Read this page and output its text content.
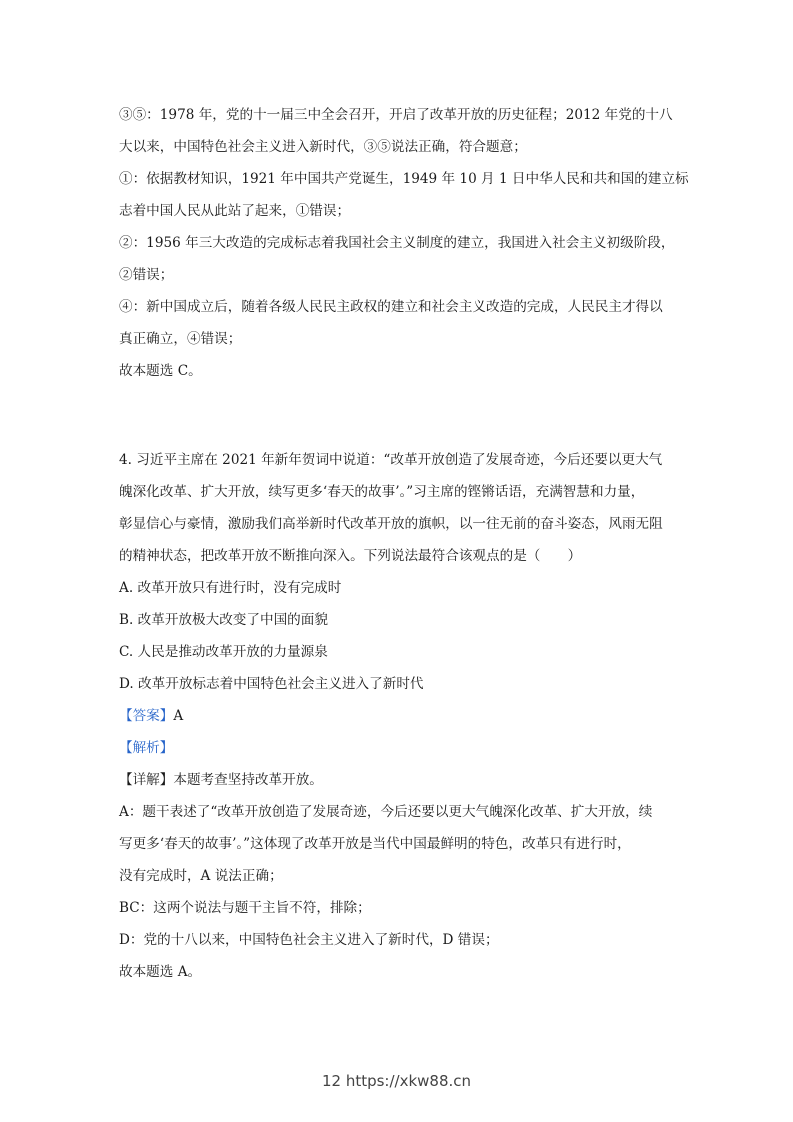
③⑤：1978 年，党的十一届三中全会召开，开启了改革开放的历史征程；2012 年党的十八
大以来，中国特色社会主义进入新时代，③⑤说法正确，符合题意；
①：依据教材知识，1921 年中国共产党诞生，1949 年 10 月 1 日中华人民和共和国的建立标
志着中国人民从此站了起来，①错误；
②：1956 年三大改造的完成标志着我国社会主义制度的建立，我国进入社会主义初级阶段，
②错误；
④：新中国成立后，随着各级人民民主政权的建立和社会主义改造的完成，人民民主才得以
真正确立，④错误；
故本题选 C。
4. 习近平主席在 2021 年新年贺词中说道：“改革开放创造了发展奇迹，今后还要以更大气
魄深化改革、扩大开放，续写更多‘春天的故事’。”习主席的铿锵话语，充满智慧和力量，
彰显信心与豪情，激励我们高举新时代改革开放的旗帜，以一往无前的奋斗姿态，风雨无阻
的精神状态，把改革开放不断推向深入。下列说法最符合该观点的是（　　）
A. 改革开放只有进行时，没有完成时
B. 改革开放极大改变了中国的面貌
C. 人民是推动改革开放的力量源泉
D. 改革开放标志着中国特色社会主义进入了新时代
【答案】A
【解析】
【详解】本题考查坚持改革开放。
A：题干表述了“改革开放创造了发展奇迹，今后还要以更大气魄深化改革、扩大开放，续
写更多‘春天的故事’。”这体现了改革开放是当代中国最鲜明的特色，改革只有进行时，
没有完成时，A 说法正确；
BC：这两个说法与题干主旨不符，排除；
D：党的十八以来，中国特色社会主义进入了新时代，D 错误；
故本题选 A。
12 https://xkw88.cn
